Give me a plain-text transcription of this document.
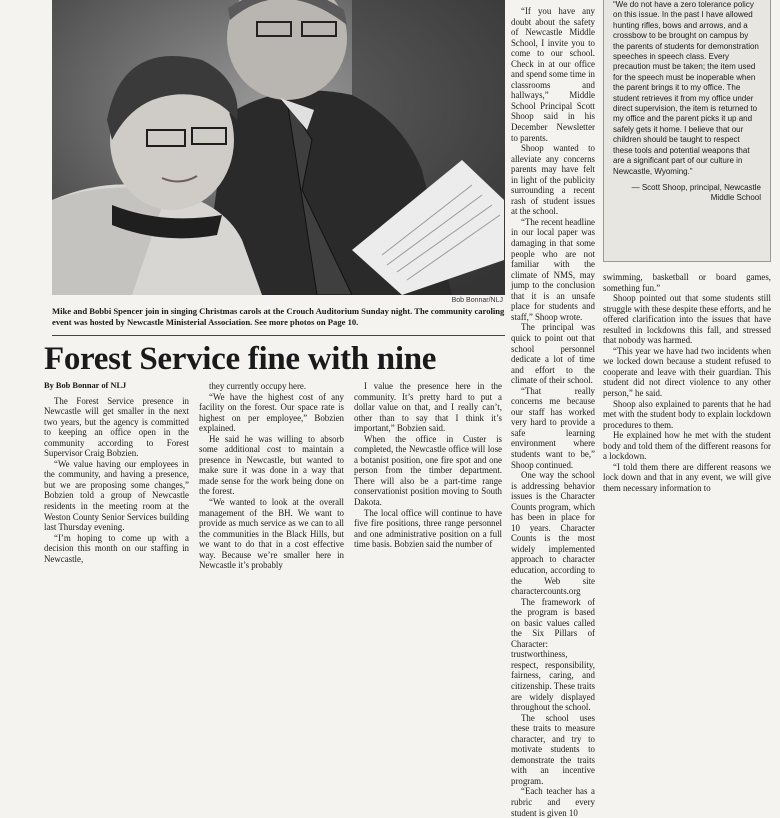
Bob Bonnar/NLJ
Mike and Bobbi Spencer join in singing Christmas carols at the Crouch Auditorium Sunday night. The community caroling event was hosted by Newcastle Ministerial Association. See more photos on Page 10.
Forest Service fine with nine

By Bob Bonnar of NLJ

The Forest Service presence in Newcastle will get smaller in the next two years, but the agency is committed to keeping an office open in the community according to Forest Supervisor Craig Bobzien.

“We value having our employees in the community, and having a presence, but we are proposing some changes,” Bobzien told a group of Newcastle residents in the meeting room at the Weston County Senior Services building last Thursday evening.

“I’m hoping to come up with a decision this month on our staffing in Newcastle,

they currently occupy here.

“We have the highest cost of any facility on the forest. Our space rate is highest on per employee,” Bobzien explained.

He said he was willing to absorb some additional cost to maintain a presence in Newcastle, but wanted to make sure it was done in a way that made sense for the work being done on the forest.

“We wanted to look at the overall management of the BH. We want to provide as much service as we can to all the communities in the Black Hills, but we want to do that in a cost effective way. Because we’re smaller here in Newcastle it’s probably

I value the presence here in the community. It’s pretty hard to put a dollar value on that, and I really can’t, other than to say that I think it’s important,” Bobzien said.

When the office in Custer is completed, the Newcastle office will lose a botanist position, one fire spot and one person from the timber department. There will also be a part-time range conservationist position moving to South Dakota.

The local office will continue to have five fire positions, three range personnel and one administrative position on a full time basis. Bobzien said the number of

“If you have any doubt about the safety of Newcastle Middle School, I invite you to come to our school. Check in at our office and spend some time in classrooms and hallways,” Middle School Principal Scott Shoop said in his December Newsletter to parents.

Shoop wanted to alleviate any concerns parents may have felt in light of the publicity surrounding a recent rash of student issues at the school.

“The recent headline in our local paper was damaging in that some people who are not familiar with the climate of NMS, may jump to the conclusion that it is an unsafe place for students and staff,” Shoop wrote.

The principal was quick to point out that school personnel dedicate a lot of time and effort to the climate of their school.

“That really concerns me because our staff has worked very hard to provide a safe learning environment where students want to be,” Shoop continued.

One way the school is addressing behavior issues is the Character Counts program, which has been in place for 10 years. Character Counts is the most widely implemented approach to character education, according to the Web site charactercounts.org

The framework of the program is based on basic values called the Six Pillars of Character: trustworthiness, respect, responsibility, fairness, caring, and citizenship. These traits are widely displayed throughout the school.

The school uses these traits to measure character, and try to motivate students to demonstrate the traits with an incentive program.

“Each teacher has a rubric and every student is given 10

“We do not have a zero tolerance policy on this issue. In the past I have allowed hunting rifles, bows and arrows, and a crossbow to be brought on campus by the parents of students for demonstration speeches in speech class. Every precaution must be taken; the item used for the speech must be inoperable when the parent brings it to my office. The student retrieves it from my office under direct supervision, the item is returned to my office and the parent picks it up and safely gets it home. I believe that our children should be taught to respect these tools and potential weapons that are a significant part of our culture in Newcastle, Wyoming.”
— Scott Shoop, principal, Newcastle Middle School

swimming, basketball or board games, something fun.”

Shoop pointed out that some students still struggle with these despite these efforts, and he offered clarification into the issues that have resulted in lockdowns this fall, and stressed that nobody was harmed.

“This year we have had two incidents when we locked down because a student refused to cooperate and leave with their guardian. This student did not direct violence to any other person,” he said.

Shoop also explained to parents that he had met with the student body to explain lockdown procedures to them.

He explained how he met with the student body and told them of the different reasons for a lockdown.

“I told them there are different reasons we lock down and that in any event, we will give them necessary information to
